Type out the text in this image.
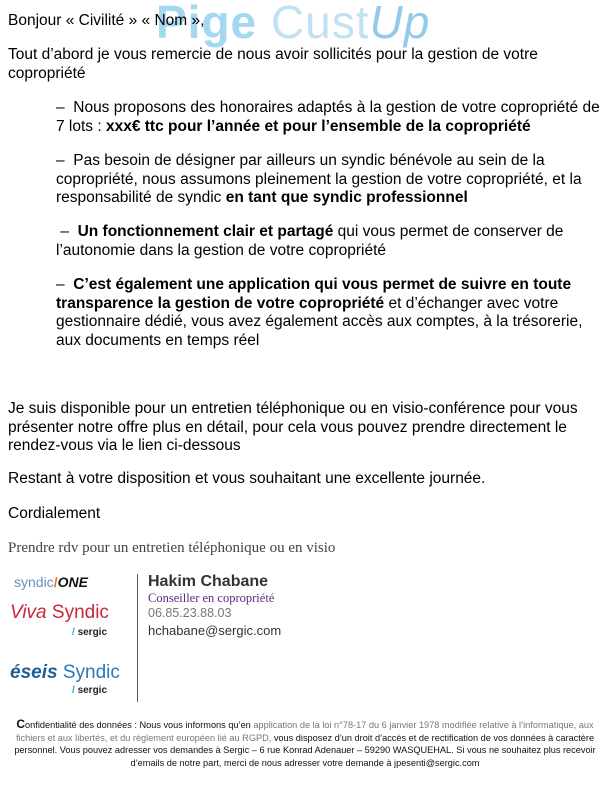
Pige CustUp
Bonjour « Civilité » « Nom »,
Tout d’abord je vous remercie de nous avoir sollicités pour la gestion de votre copropriété
– Nous proposons des honoraires adaptés à la gestion de votre copropriété de 7 lots : xxx€ ttc pour l’année et pour l’ensemble de la copropriété
– Pas besoin de désigner par ailleurs un syndic bénévole au sein de la copropriété, nous assumons pleinement la gestion de votre copropriété, et la responsabilité de syndic en tant que syndic professionnel
– Un fonctionnement clair et partagé qui vous permet de conserver de l’autonomie dans la gestion de votre copropriété
– C’est également une application qui vous permet de suivre en toute transparence la gestion de votre copropriété et d’échanger avec votre gestionnaire dédié, vous avez également accès aux comptes, à la trésorerie, aux documents en temps réel
Je suis disponible pour un entretien téléphonique ou en visio-conférence pour vous présenter notre offre plus en détail, pour cela vous pouvez prendre directement le rendez-vous via le lien ci-dessous
Restant à votre disposition et vous souhaitant une excellente journée.
Cordialement
Prendre rdv pour un entretien téléphonique ou en visio
syndic/ONE
Viva Syndic
/ sergic
éseis Syndic
/ sergic
Hakim Chabane
Conseiller en copropriété
06.85.23.88.03
hchabane@sergic.com
Confidentialité des données : Nous vous informons qu’en application de la loi n°78-17 du 6 janvier 1978 modifiée relative à l’informatique, aux fichiers et aux libertés, et du règlement européen lié au RGPD, vous disposez d’un droit d’accès et de rectification de vos données à caractère personnel. Vous pouvez adresser vos demandes à Sergic – 6 rue Konrad Adenauer – 59290 WASQUEHAL. Si vous ne souhaitez plus recevoir d’emails de notre part, merci de nous adresser votre demande à jpesenti@sergic.com
